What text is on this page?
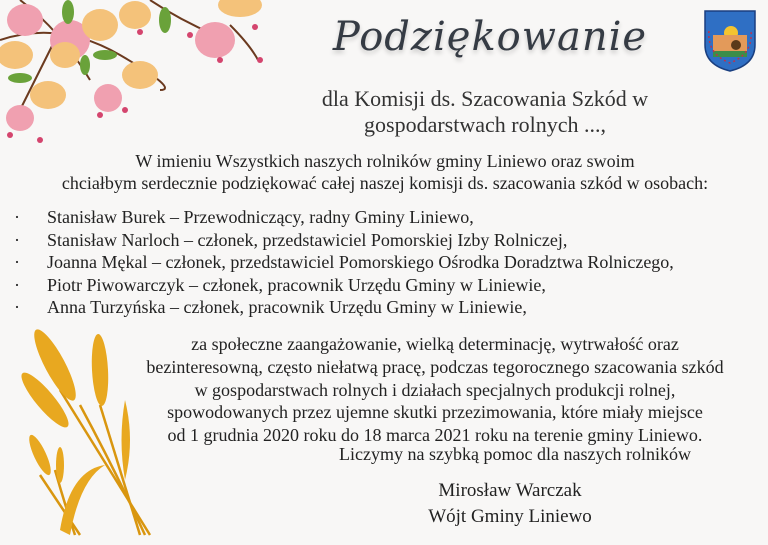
Podziękowanie
dla Komisji ds. Szacowania Szkód w
gospodarstwach rolnych ...,
W imieniu Wszystkich naszych rolników gminy Liniewo oraz swoim
chciałbym serdecznie podziękować całej naszej komisji ds. szacowania szkód w osobach:
·	Stanisław Burek – Przewodniczący, radny Gminy Liniewo,
·	Stanisław Narloch – członek, przedstawiciel Pomorskiej Izby Rolniczej,
·	Joanna Mękal – członek, przedstawiciel Pomorskiego Ośrodka Doradztwa Rolniczego,
·	Piotr Piwowarczyk – członek, pracownik Urzędu Gminy w Liniewie,
·	Anna Turzyńska – członek, pracownik Urzędu Gminy w Liniewie,
za społeczne zaangażowanie, wielką determinację, wytrwałość oraz
bezinteresowną, często niełatwą pracę, podczas tegorocznego szacowania szkód
w gospodarstwach rolnych i działach specjalnych produkcji rolnej,
spowodowanych przez ujemne skutki przezimowania, które miały miejsce
od 1 grudnia 2020 roku do 18 marca 2021 roku na terenie gminy Liniewo.
Liczymy na szybką pomoc dla naszych rolników
Mirosław Warczak
Wójt Gminy Liniewo
